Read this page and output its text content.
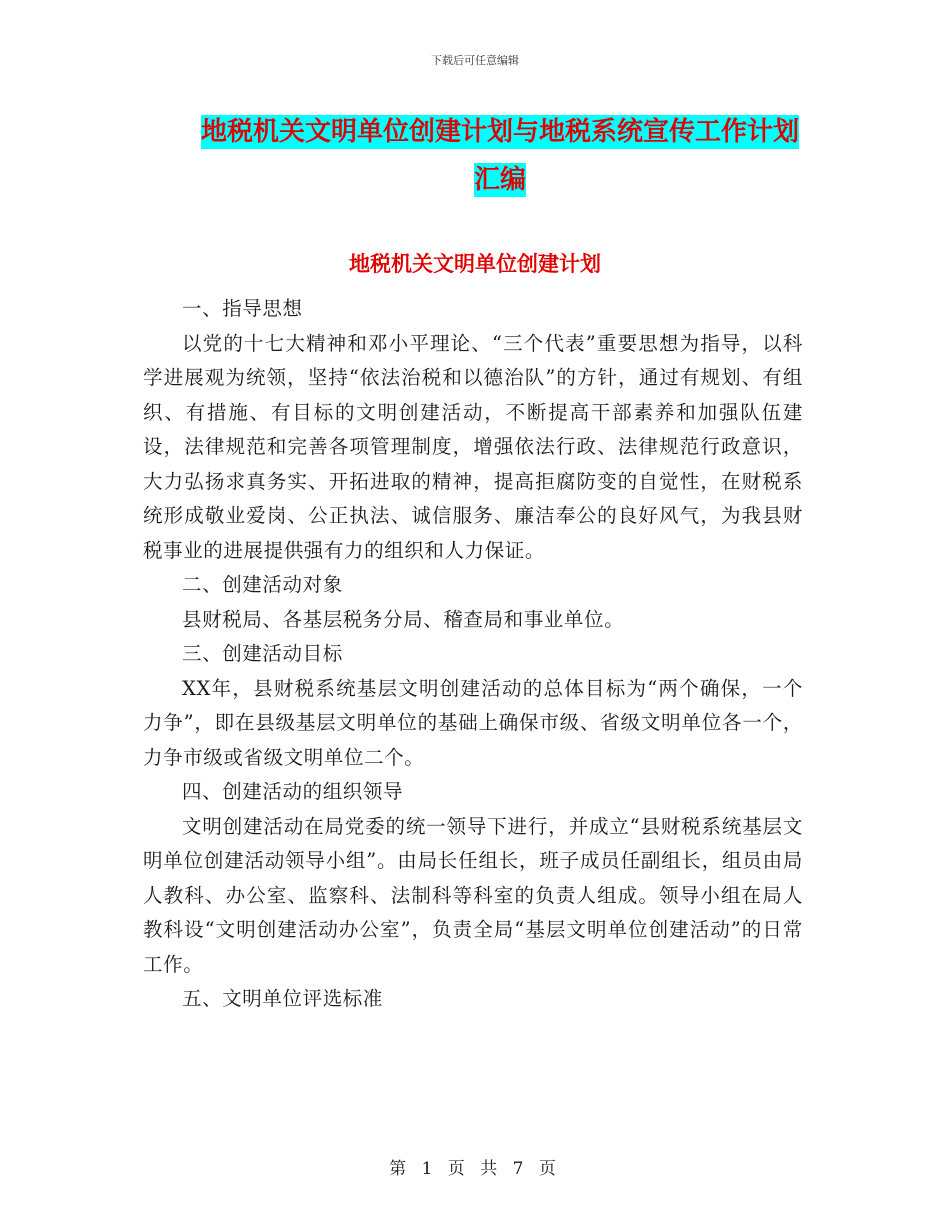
下载后可任意编辑
地税机关文明单位创建计划与地税系统宣传工作计划
汇编
地税机关文明单位创建计划

一、指导思想

以党的十七大精神和邓小平理论、“三个代表”重要思想为指导，以科学进展观为统领，坚持“依法治税和以德治队”的方针，通过有规划、有组织、有措施、有目标的文明创建活动，不断提高干部素养和加强队伍建设，法律规范和完善各项管理制度，增强依法行政、法律规范行政意识，大力弘扬求真务实、开拓进取的精神，提高拒腐防变的自觉性，在财税系统形成敬业爱岗、公正执法、诚信服务、廉洁奉公的良好风气，为我县财税事业的进展提供强有力的组织和人力保证。

二、创建活动对象

县财税局、各基层税务分局、稽查局和事业单位。

三、创建活动目标

XX年，县财税系统基层文明创建活动的总体目标为“两个确保，一个力争”，即在县级基层文明单位的基础上确保市级、省级文明单位各一个，力争市级或省级文明单位二个。

四、创建活动的组织领导

文明创建活动在局党委的统一领导下进行，并成立“县财税系统基层文明单位创建活动领导小组”。由局长任组长，班子成员任副组长，组员由局人教科、办公室、监察科、法制科等科室的负责人组成。领导小组在局人教科设“文明创建活动办公室”，负责全局“基层文明单位创建活动”的日常工作。

五、文明单位评选标准

第 1 页 共 7 页
